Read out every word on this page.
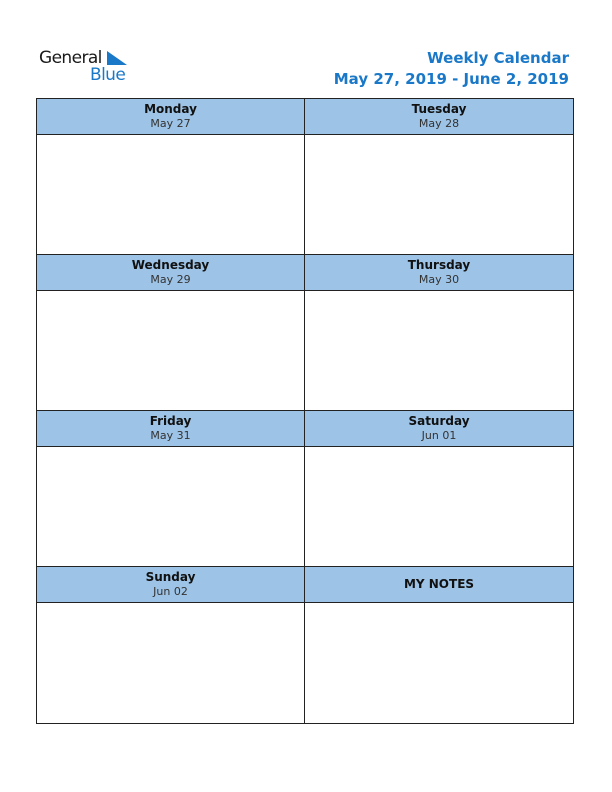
General
Blue
Weekly Calendar
May 27, 2019 - June 2, 2019
Monday
May 27
Tuesday
May 28
Wednesday
May 29
Thursday
May 30
Friday
May 31
Saturday
Jun 01
Sunday
Jun 02
MY NOTES
